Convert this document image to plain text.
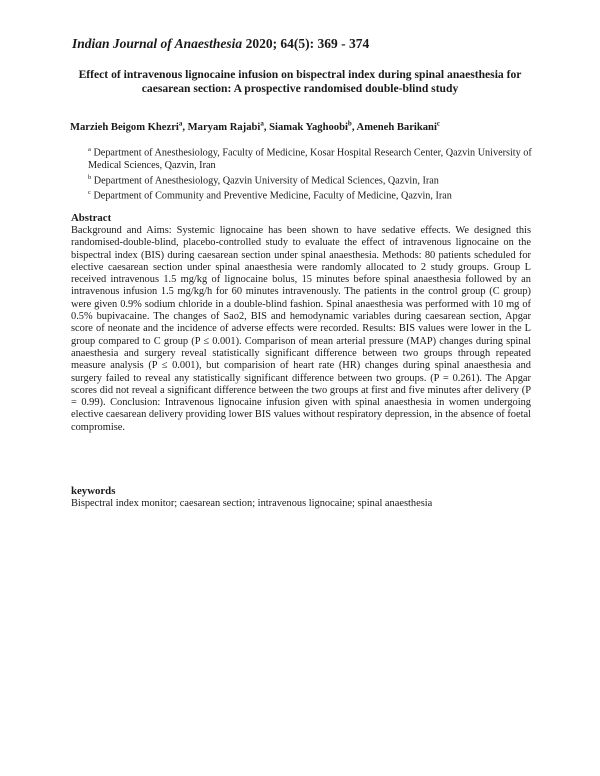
Indian Journal of Anaesthesia 2020; 64(5): 369 - 374
Effect of intravenous lignocaine infusion on bispectral index during spinal anaesthesia for caesarean section: A prospective randomised double-blind study
Marzieh Beigom Khezri$^a$, Maryam Rajabi$^a$, Siamak Yaghoobi$^b$, Ameneh Barikani$^c$
$^a$ Department of Anesthesiology, Faculty of Medicine, Kosar Hospital Research Center, Qazvin University of Medical Sciences, Qazvin, Iran
$^b$ Department of Anesthesiology, Qazvin University of Medical Sciences, Qazvin, Iran
$^c$ Department of Community and Preventive Medicine, Faculty of Medicine, Qazvin, Iran
Abstract
Background and Aims: Systemic lignocaine has been shown to have sedative effects. We designed this randomised-double-blind, placebo-controlled study to evaluate the effect of intravenous lignocaine on the bispectral index (BIS) during caesarean section under spinal anaesthesia. Methods: 80 patients scheduled for elective caesarean section under spinal anaesthesia were randomly allocated to 2 study groups. Group L received intravenous 1.5 mg/kg of lignocaine bolus, 15 minutes before spinal anaesthesia followed by an intravenous infusion 1.5 mg/kg/h for 60 minutes intravenously. The patients in the control group (C group) were given 0.9% sodium chloride in a double-blind fashion. Spinal anaesthesia was performed with 10 mg of 0.5% bupivacaine. The changes of Sao2, BIS and hemodynamic variables during caesarean section, Apgar score of neonate and the incidence of adverse effects were recorded. Results: BIS values were lower in the L group compared to C group (P ≤ 0.001). Comparison of mean arterial pressure (MAP) changes during spinal anaesthesia and surgery reveal statistically significant difference between two groups through repeated measure analysis (P ≤ 0.001), but comparision of heart rate (HR) changes during spinal anaesthesia and surgery failed to reveal any statistically significant difference between two groups. (P = 0.261). The Apgar scores did not reveal a significant difference between the two groups at first and five minutes after delivery (P = 0.99). Conclusion: Intravenous lignocaine infusion given with spinal anaesthesia in women undergoing elective caesarean delivery providing lower BIS values without respiratory depression, in the absence of foetal compromise.
keywords
Bispectral index monitor; caesarean section; intravenous lignocaine; spinal anaesthesia
